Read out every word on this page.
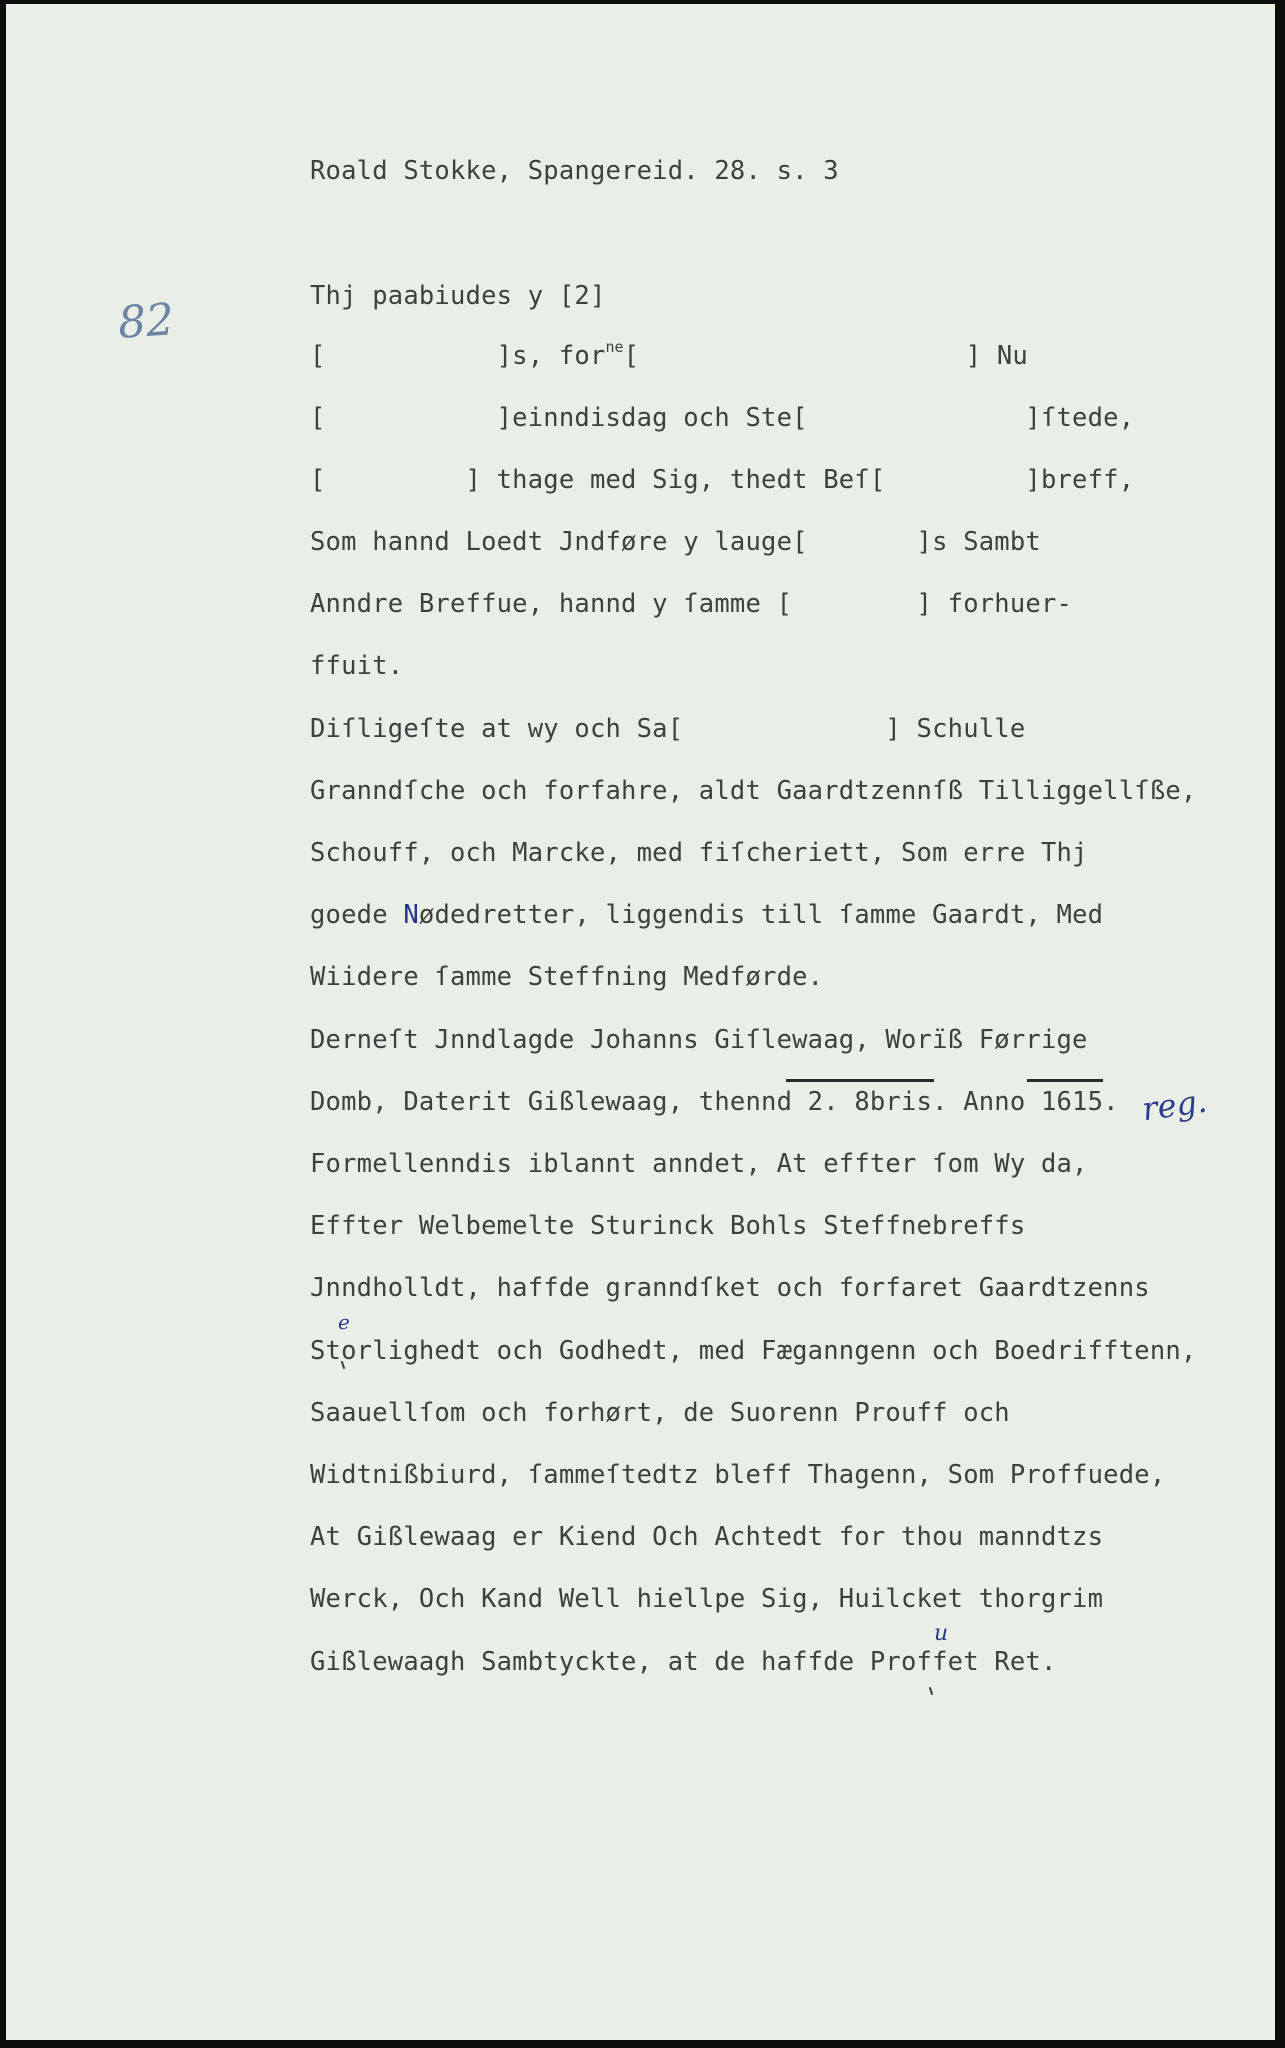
Roald Stokke, Spangereid. 28. s. 3
82	Thj paabiudes y [2]
[           ]s, for$^{ne}$[                     ] Nu
[           ]einndisdag och Ste[              ]ſtede,
[         ] thage med Sig, thedt Beſ[         ]breff,
Som hannd Loedt Jndføre y lauge[       ]s Sambt
Anndre Breffue, hannd y ſamme [        ] forhuer-
ffuit.
Diſligeſte at wy och Sa[             ] Schulle
Granndſche och forfahre, aldt Gaardtzennſß Tilliggellſße,
Schouff, och Marcke, med fiſcheriett, Som erre Thj
goede Nødedretter, liggendis till ſamme Gaardt, Med
Wiidere ſamme Steffning Medførde.
Derneſt Jnndlagde Johanns Giſlewaag, Worïß Førrige
Domb, Daterit Gißlewaag, thennd 2. 8bris. Anno 1615. reg.
Formellenndis iblannt anndet, At effter ſom Wy da,
Effter Welbemelte Sturinck Bohls Steffnebreffs
Jnndholldt, haffde granndſket och forfaret Gaardtzenns
e
Storlighedt och Godhedt, med Fæganngenn och Boedrifftenn,
Saauellſom och forhørt, de Suorenn Prouff och
Widtnißbiurd, ſammeſtedtz bleff Thagenn, Som Proffuede,
At Gißlewaag er Kiend Och Achtedt for thou manndtzs
Werck, Och Kand Well hiellpe Sig, Huilcket thorgrim
u
Gißlewaagh Sambtyckte, at de haffde Proffet Ret.
